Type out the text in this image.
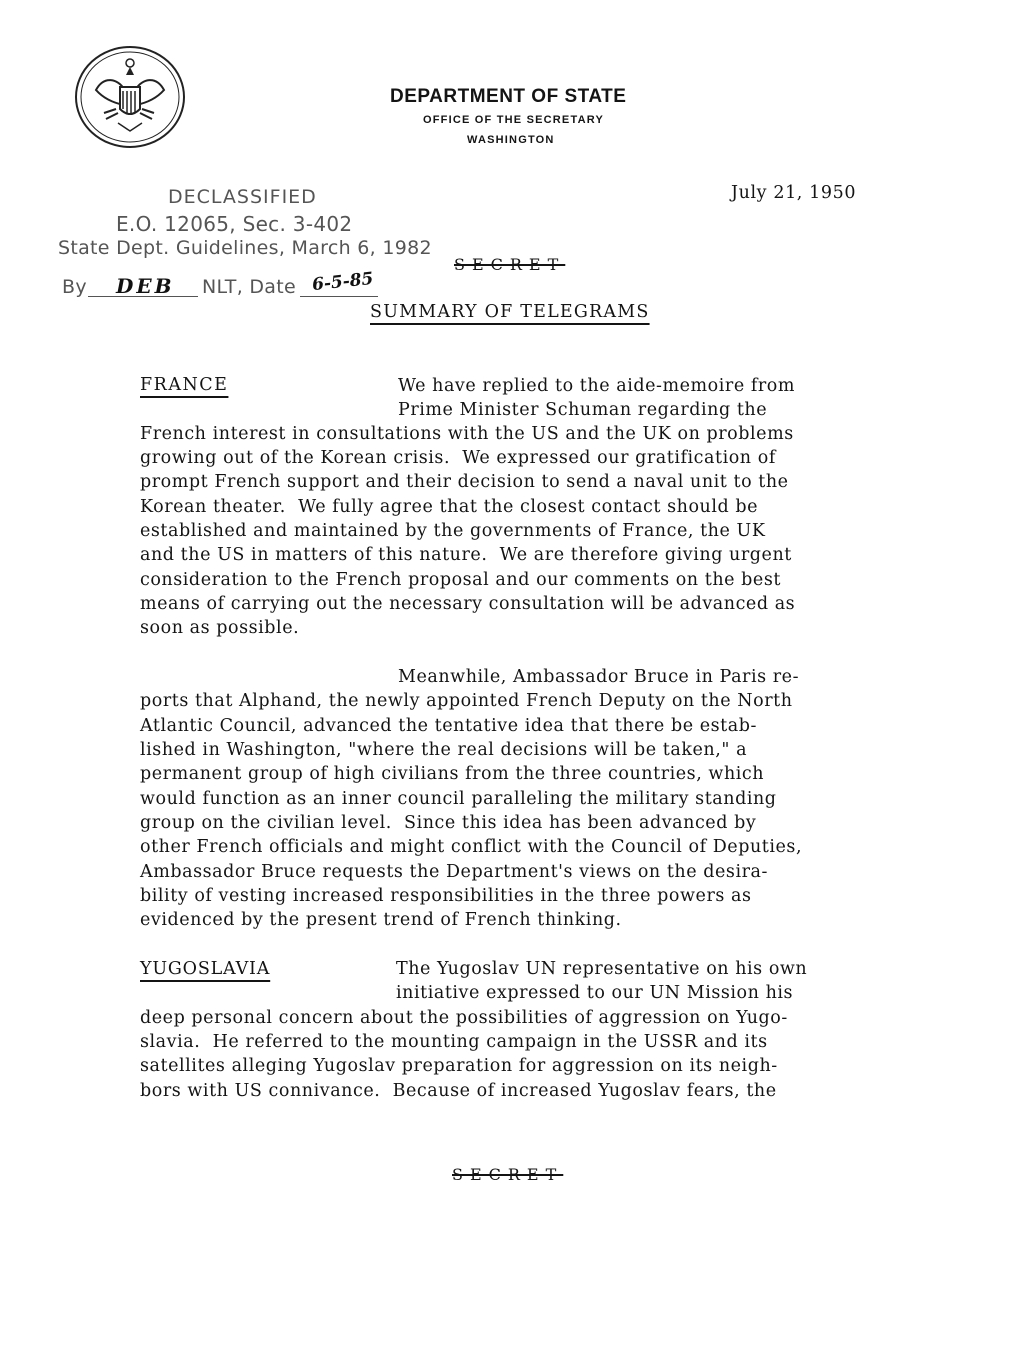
DEPARTMENT OF STATE
OFFICE OF THE SECRETARY
WASHINGTON
July 21, 1950
DECLASSIFIED
E.O. 12065, Sec. 3-402
State Dept. Guidelines, March 6, 1982
By DEB NLT, Date 6-5-85
SECRET
SUMMARY OF TELEGRAMS
FRANCE	We have replied to the aide-memoire from
Prime Minister Schuman regarding the
French interest in consultations with the US and the UK on problems
growing out of the Korean crisis.  We expressed our gratification of
prompt French support and their decision to send a naval unit to the
Korean theater.  We fully agree that the closest contact should be
established and maintained by the governments of France, the UK
and the US in matters of this nature.  We are therefore giving urgent
consideration to the French proposal and our comments on the best
means of carrying out the necessary consultation will be advanced as
soon as possible.
Meanwhile, Ambassador Bruce in Paris re-
ports that Alphand, the newly appointed French Deputy on the North
Atlantic Council, advanced the tentative idea that there be estab-
lished in Washington, "where the real decisions will be taken," a
permanent group of high civilians from the three countries, which
would function as an inner council paralleling the military standing
group on the civilian level.  Since this idea has been advanced by
other French officials and might conflict with the Council of Deputies,
Ambassador Bruce requests the Department's views on the desira-
bility of vesting increased responsibilities in the three powers as
evidenced by the present trend of French thinking.
YUGOSLAVIA	The Yugoslav UN representative on his own
initiative expressed to our UN Mission his
deep personal concern about the possibilities of aggression on Yugo-
slavia.  He referred to the mounting campaign in the USSR and its
satellites alleging Yugoslav preparation for aggression on its neigh-
bors with US connivance.  Because of increased Yugoslav fears, the
SECRET
